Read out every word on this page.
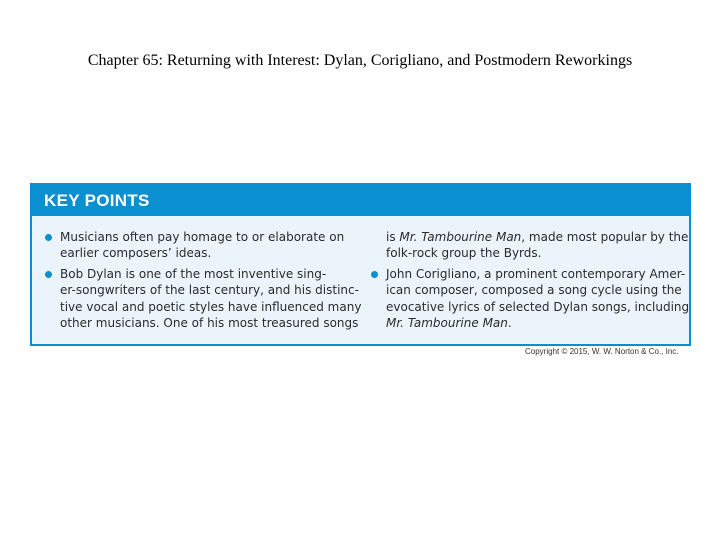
Chapter 65: Returning with Interest: Dylan, Corigliano, and Postmodern Reworkings
KEY POINTS
Musicians often pay homage to or elaborate on
earlier composers’ ideas.
Bob Dylan is one of the most inventive sing-
er-songwriters of the last century, and his distinc-
tive vocal and poetic styles have influenced many
other musicians. One of his most treasured songs
is Mr. Tambourine Man, made most popular by the
folk-rock group the Byrds.
John Corigliano, a prominent contemporary Amer-
ican composer, composed a song cycle using the
evocative lyrics of selected Dylan songs, including
Mr. Tambourine Man.
Copyright © 2015, W. W. Norton & Co., Inc.
